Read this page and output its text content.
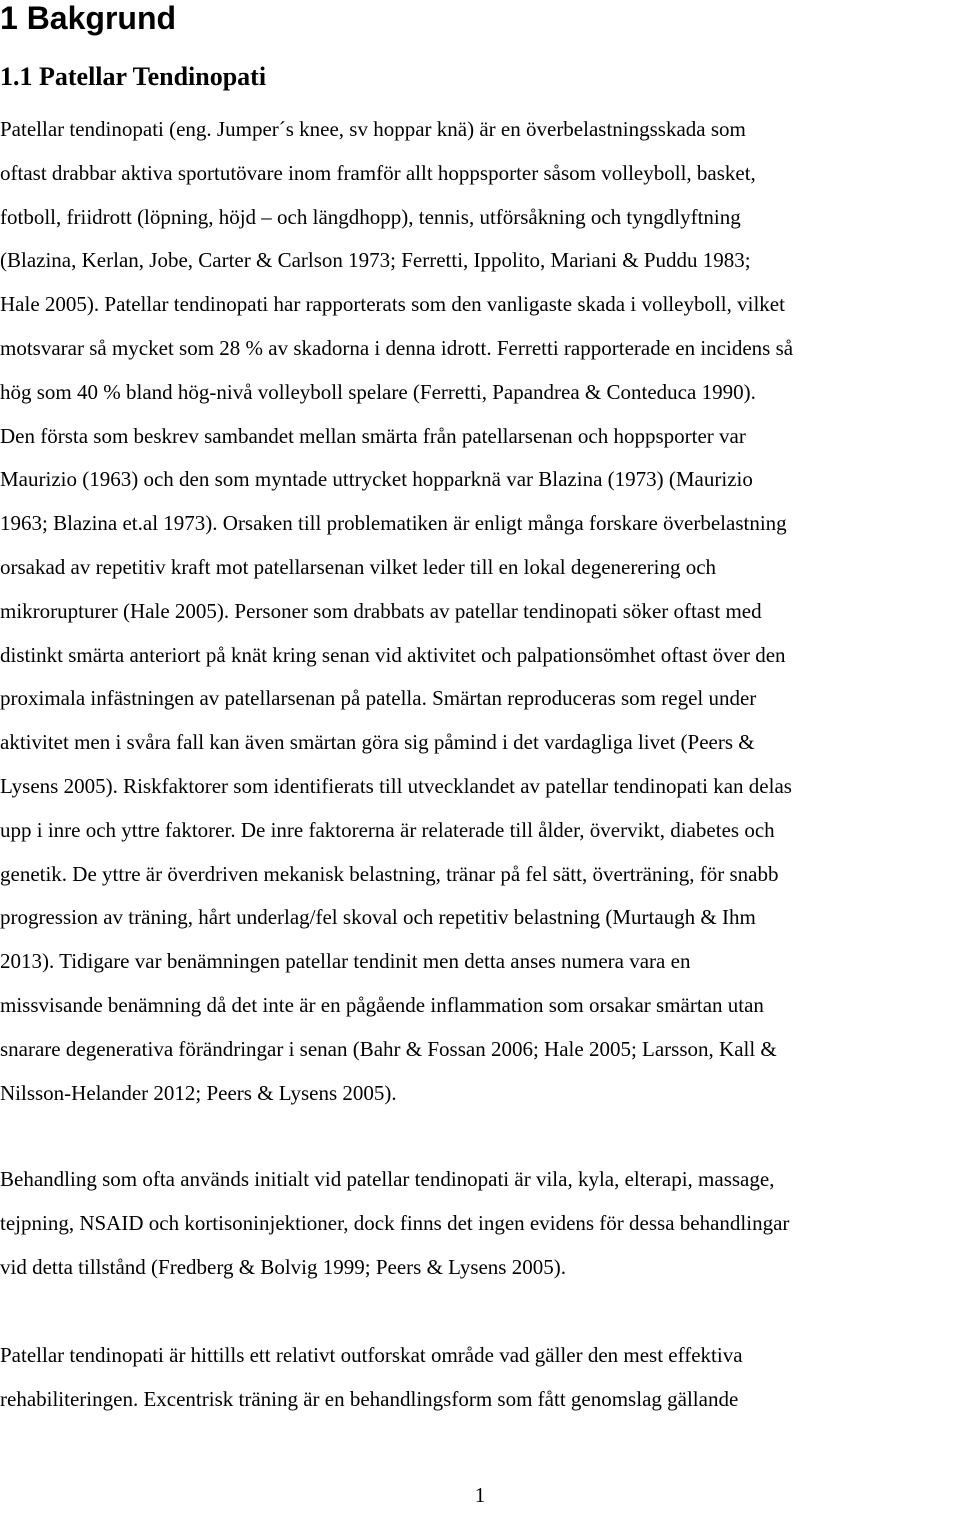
1 Bakgrund
1.1 Patellar Tendinopati

Patellar tendinopati (eng. Jumper´s knee, sv hoppar knä) är en överbelastningsskada som
oftast drabbar aktiva sportutövare inom framför allt hoppsporter såsom volleyboll, basket,
fotboll, friidrott (löpning, höjd – och längdhopp), tennis, utförsåkning och tyngdlyftning
(Blazina, Kerlan, Jobe, Carter & Carlson 1973; Ferretti, Ippolito, Mariani & Puddu 1983;
Hale 2005). Patellar tendinopati har rapporterats som den vanligaste skada i volleyboll, vilket
motsvarar så mycket som 28 % av skadorna i denna idrott. Ferretti rapporterade en incidens så
hög som 40 % bland hög-nivå volleyboll spelare (Ferretti, Papandrea & Conteduca 1990).
Den första som beskrev sambandet mellan smärta från patellarsenan och hoppsporter var
Maurizio (1963) och den som myntade uttrycket hopparknä var Blazina (1973) (Maurizio
1963; Blazina et.al 1973). Orsaken till problematiken är enligt många forskare överbelastning
orsakad av repetitiv kraft mot patellarsenan vilket leder till en lokal degenerering och
mikrorupturer (Hale 2005). Personer som drabbats av patellar tendinopati söker oftast med
distinkt smärta anteriort på knät kring senan vid aktivitet och palpationsömhet oftast över den
proximala infästningen av patellarsenan på patella. Smärtan reproduceras som regel under
aktivitet men i svåra fall kan även smärtan göra sig påmind i det vardagliga livet (Peers &
Lysens 2005). Riskfaktorer som identifierats till utvecklandet av patellar tendinopati kan delas
upp i inre och yttre faktorer. De inre faktorerna är relaterade till ålder, övervikt, diabetes och
genetik. De yttre är överdriven mekanisk belastning, tränar på fel sätt, överträning, för snabb
progression av träning, hårt underlag/fel skoval och repetitiv belastning (Murtaugh & Ihm
2013). Tidigare var benämningen patellar tendinit men detta anses numera vara en
missvisande benämning då det inte är en pågående inflammation som orsakar smärtan utan
snarare degenerativa förändringar i senan (Bahr & Fossan 2006; Hale 2005; Larsson, Kall &
Nilsson-Helander 2012; Peers & Lysens 2005).

Behandling som ofta används initialt vid patellar tendinopati är vila, kyla, elterapi, massage,
tejpning, NSAID och kortisoninjektioner, dock finns det ingen evidens för dessa behandlingar
vid detta tillstånd (Fredberg & Bolvig 1999; Peers & Lysens 2005).

Patellar tendinopati är hittills ett relativt outforskat område vad gäller den mest effektiva
rehabiliteringen. Excentrisk träning är en behandlingsform som fått genomslag gällande

1
